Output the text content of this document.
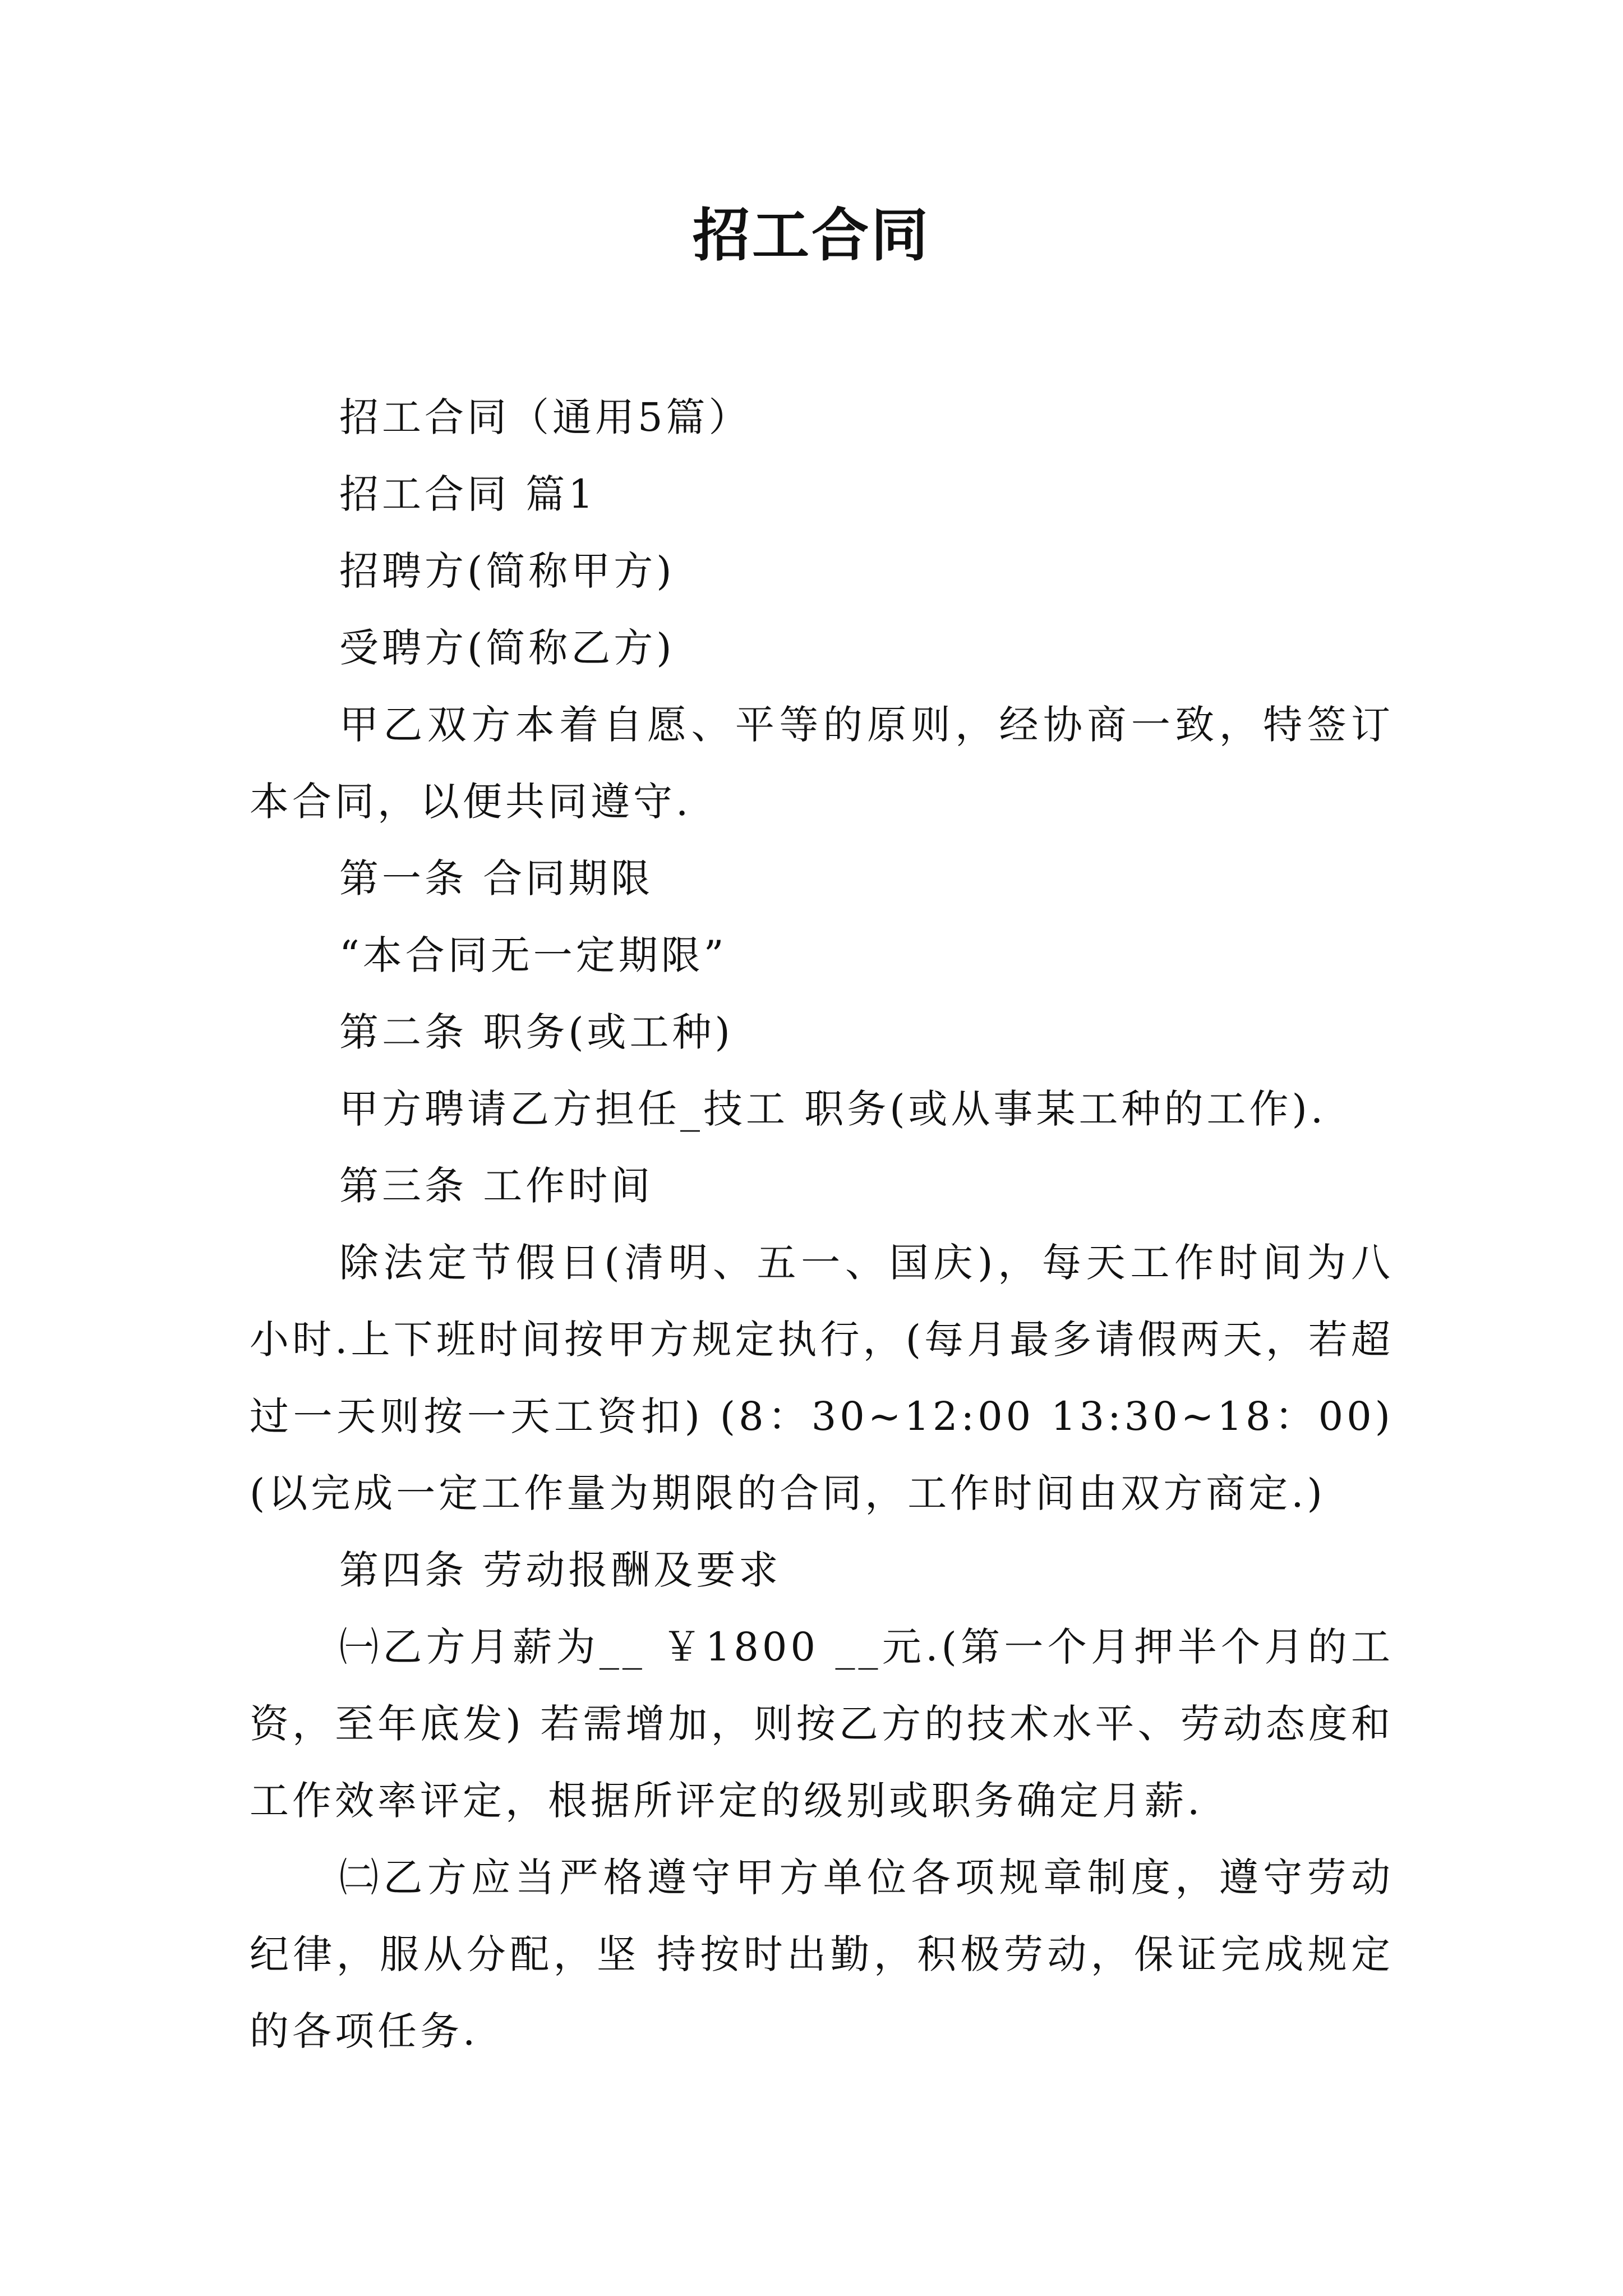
招工合同

招工合同（通用5篇）

招工合同 篇1

招聘方(简称甲方)

受聘方(简称乙方)

甲乙双方本着自愿、平等的原则，经协商一致，特签订本合同，以便共同遵守.

第一条 合同期限

“本合同无一定期限”

第二条 职务(或工种)

甲方聘请乙方担任_技工 职务(或从事某工种的工作).

第三条 工作时间

除法定节假日(清明、五一、国庆)，每天工作时间为八小时.上下班时间按甲方规定执行，(每月最多请假两天，若超过一天则按一天工资扣) (8：30~12:00 13:30~18：00)(以完成一定工作量为期限的合同，工作时间由双方商定.)

第四条 劳动报酬及要求

㈠乙方月薪为__ ￥1800 __元.(第一个月押半个月的工资，至年底发) 若需增加，则按乙方的技术水平、劳动态度和工作效率评定，根据所评定的级别或职务确定月薪.

㈡乙方应当严格遵守甲方单位各项规章制度，遵守劳动纪律，服从分配，坚 持按时出勤，积极劳动，保证完成规定的各项任务.
